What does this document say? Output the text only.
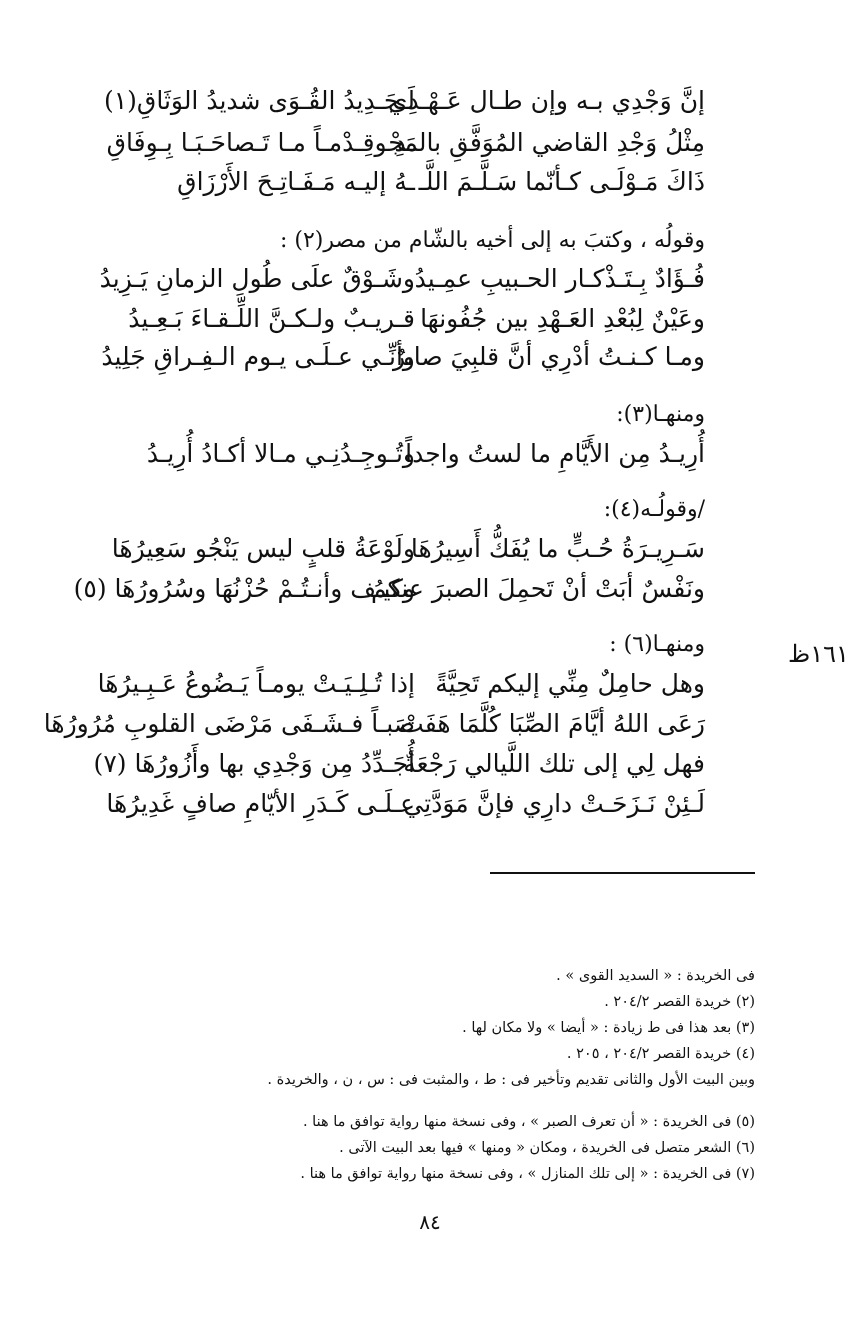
إنَّ وَجْدِي بـه وإن طـال عَـهْـدِي
لَـجَـدِيدُ القُـوَى شديدُ الوَثَاقِ(١)
مِثْلُ وَجْدِ القاضي المُوَفَّقِ بالمَجْـ
ـدِ وقِـدْمـاً مـا تَـصاحَـبَـا بِـوِفَاقِ
ذَاكَ مَـوْلَـى كـأنّما سَـلَّـمَ اللَّـ
ـهُ إليـه مَـفَـاتِـحَ الأَرْزَاقِ
وقولُه ، وكتبَ به إلى أخيه بالشّام من مصر(٢) :
فُـؤَادٌ بِـتَـذْكـار الحـبيبِ عمِـيدُ
وشَـوْقٌ علَى طُولِ الزمانِ يَـزِيدُ
وعَيْنٌ لِبُعْدِ العَـهْدِ بين جُفُونهَا
قـريـبٌ ولـكـنَّ اللِّـقـاءَ بَـعِـيدُ
ومـا كـنـتُ أدْرِي أنَّ قلبِيَ صابرٌ
وأنِّـي عـلَـى يـوم الـفِـراقِ جَلِيدُ
ومنهـا(٣):
أُرِيـدُ مِن الأَيَّامِ ما لستُ واجداً
وتُـوجِـدُنِـي مـالا أكـادُ أُرِيـدُ
/وقولُـه(٤):
سَـرِيـرَةُ حُـبٍّ ما يُفَكُّ أَسِيرُهَا
ولَوْعَةُ قلبٍ ليس يَنْجُو سَعِيرُهَا
ونَفْسٌ أبَتْ أنْ تَحمِلَ الصبرَ عنكمُ
وكيـف وأنـتُـمْ حُزْنُهَا وسُرُورُهَا (٥)
١٦١ظ
ومنهـا(٦) :
وهل حامِلٌ مِنِّي إليكم تَحِيَّةً
إذا تُـلِـيَـتْ يومـاً يَـضُوعُ عَـبِـيرُهَا
رَعَى اللهُ أيَّامَ الصِّبَا كُلَّمَا هَفَتْ
صَبـاً فـشَـفَى مَرْضَى القلوبِ مُرُورُهَا
فهل لِي إلى تلك اللَّيالي رَجْعَةٌ
أُجَـدِّدُ مِن وَجْدِي بها وأَزُورُهَا (٧)
لَـئِنْ نَـزَحَـتْ دارِي فإنَّ مَوَدَّتِي
عـلَـى كَـدَرِ الأيّامِ صافٍ غَدِيرُهَا
فى الخريدة : « السديد القوى » .
(٢) خريدة القصر ٢٠٤/٢ .
(٣) بعد هذا فى ط زيادة : « أيضا » ولا مكان لها .
(٤) خريدة القصر ٢٠٤/٢ ، ٢٠٥ .
وبين البيت الأول والثانى تقديم وتأخير فى : ط ، والمثبت فى : س ، ن ، والخريدة .
(٥) فى الخريدة : « أن تعرف الصبر » ، وفى نسخة منها رواية توافق ما هنا .
(٦) الشعر متصل فى الخريدة ، ومكان « ومنها » فيها بعد البيت الآتى .
(٧) فى الخريدة : « إلى تلك المنازل » ، وفى نسخة منها رواية توافق ما هنا .
٨٤
